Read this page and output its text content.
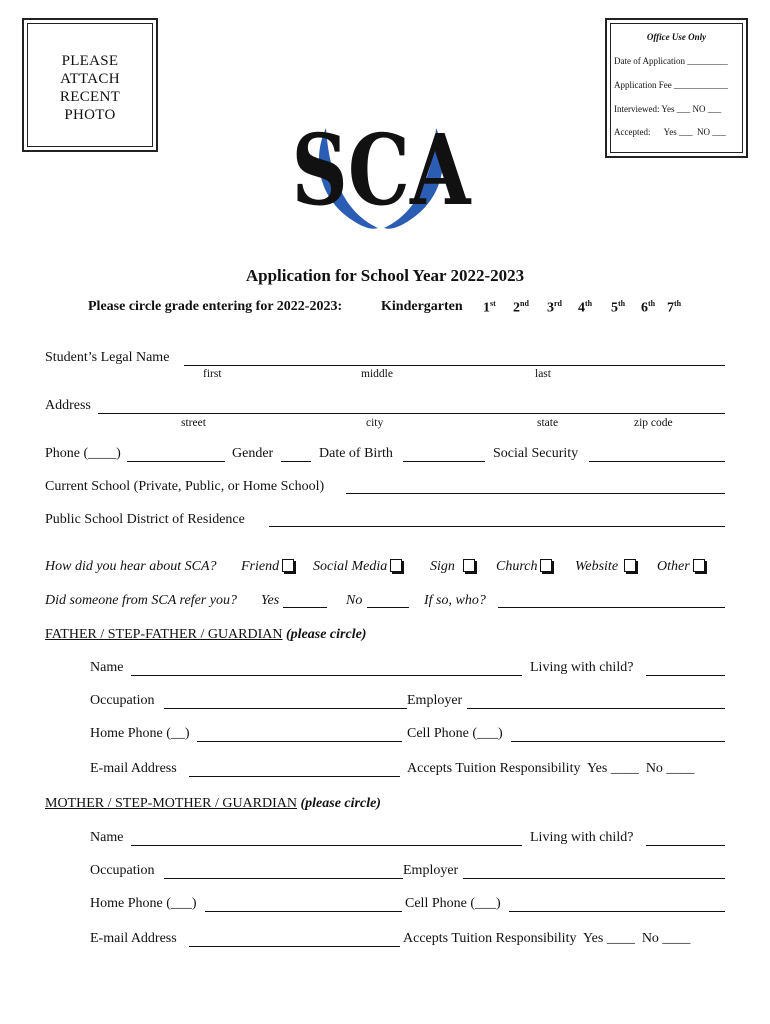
PLEASE
ATTACH
RECENT
PHOTO
Office Use Only
Date of Application _________
Application Fee ____________
Interviewed: Yes ___ NO ___
Accepted:      Yes ___  NO ___
SCA
Application for School Year 2022-2023
Please circle grade entering for 2022-2023:	Kindergarten 1st 2nd 3rd 4th 5th 6th 7th
Student’s Legal Name
first	middle	last
Address
street	city	state	zip code
Phone (____)	Gender	Date of Birth	Social Security
Current School (Private, Public, or Home School)
Public School District of Residence
How did you hear about SCA? Friend	Social Media	Sign	Church	Website	Other
Did someone from SCA refer you? Yes	No	If so, who?
FATHER / STEP-FATHER / GUARDIAN (please circle)
Name	Living with child?
Occupation	Employer
Home Phone (__)	Cell Phone (___)
E-mail Address	Accepts Tuition Responsibility  Yes ____  No ____
MOTHER / STEP-MOTHER / GUARDIAN (please circle)
Name	Living with child?
Occupation	Employer
Home Phone (___)	Cell Phone (___)
E-mail Address	Accepts Tuition Responsibility  Yes ____  No ____
